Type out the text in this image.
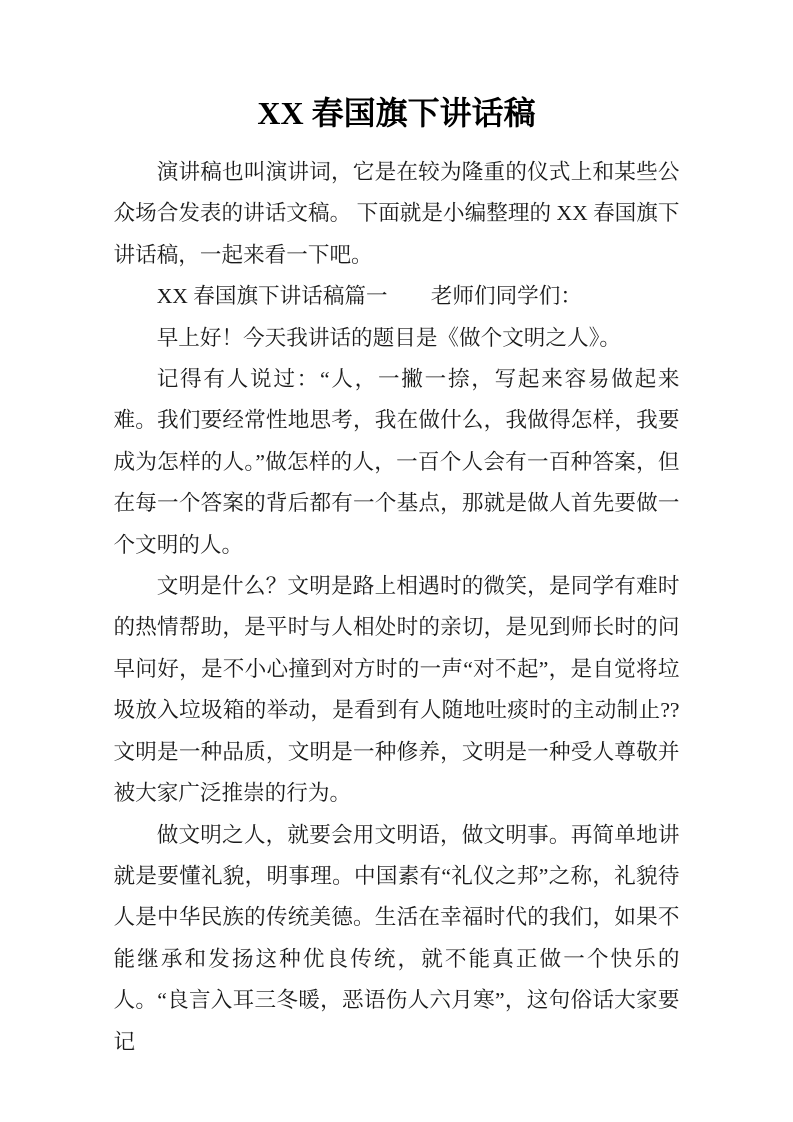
XX 春国旗下讲话稿

演讲稿也叫演讲词，它是在较为隆重的仪式上和某些公众场合发表的讲话文稿。 下面就是小编整理的 XX 春国旗下讲话稿，一起来看一下吧。

XX 春国旗下讲话稿篇一　　老师们同学们：

早上好！今天我讲话的题目是《做个文明之人》。

记得有人说过：“人，一撇一捺，写起来容易做起来难。我们要经常性地思考，我在做什么，我做得怎样，我要成为怎样的人。”做怎样的人，一百个人会有一百种答案，但在每一个答案的背后都有一个基点，那就是做人首先要做一个文明的人。

文明是什么？文明是路上相遇时的微笑，是同学有难时的热情帮助，是平时与人相处时的亲切，是见到师长时的问早问好，是不小心撞到对方时的一声“对不起”，是自觉将垃圾放入垃圾箱的举动，是看到有人随地吐痰时的主动制止??文明是一种品质，文明是一种修养，文明是一种受人尊敬并被大家广泛推崇的行为。

做文明之人，就要会用文明语，做文明事。再简单地讲就是要懂礼貌，明事理。中国素有“礼仪之邦”之称，礼貌待人是中华民族的传统美德。生活在幸福时代的我们，如果不能继承和发扬这种优良传统，就不能真正做一个快乐的人。“良言入耳三冬暖，恶语伤人六月寒”，这句俗话大家要记
